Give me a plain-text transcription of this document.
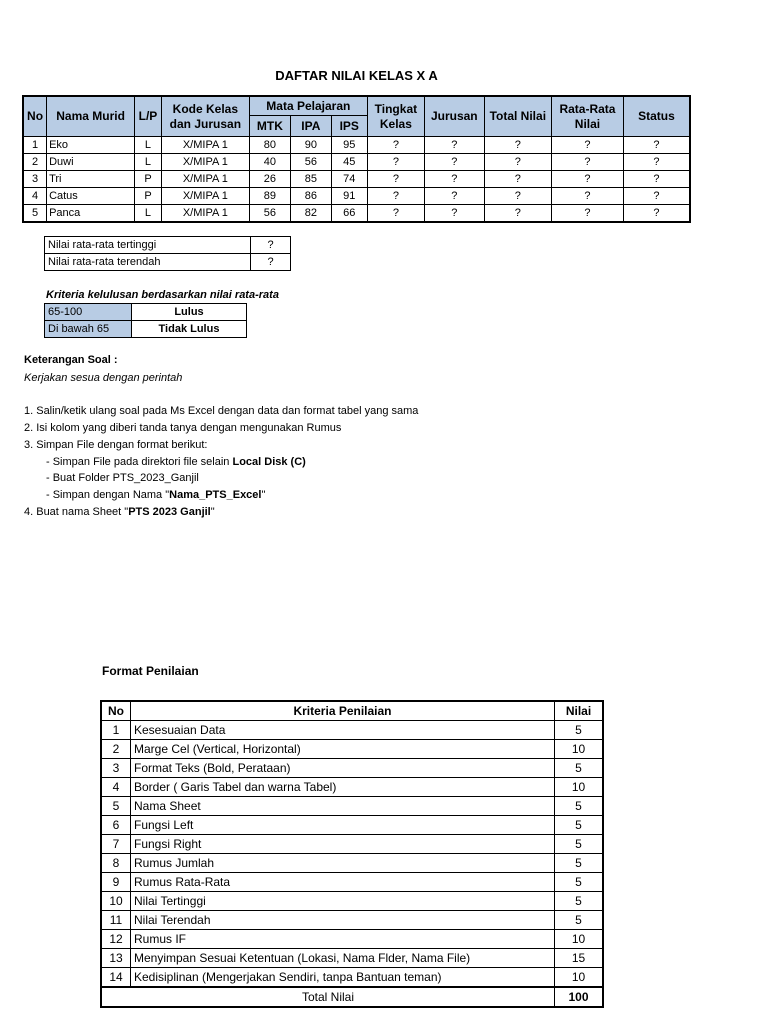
DAFTAR NILAI KELAS X A
No	Nama Murid	L/P	Kode Kelas dan Jurusan	Mata Pelajaran			Tingkat Kelas	Jurusan	Total Nilai	Rata-Rata Nilai	Status
				MTK	IPA	IPS					
1	Eko	L	X/MIPA 1	80	90	95	?	?	?	?	?
2	Duwi	L	X/MIPA 1	40	56	45	?	?	?	?	?
3	Tri	P	X/MIPA 1	26	85	74	?	?	?	?	?
4	Catus	P	X/MIPA 1	89	86	91	?	?	?	?	?
5	Panca	L	X/MIPA 1	56	82	66	?	?	?	?	?
Nilai rata-rata tertinggi	?
Nilai rata-rata terendah	?
Kriteria kelulusan berdasarkan nilai rata-rata
65-100	Lulus
Di bawah 65	Tidak Lulus
Keterangan Soal :
Kerjakan sesua dengan perintah
1. Salin/ketik ulang soal pada Ms Excel dengan data dan format tabel yang sama
2. Isi kolom yang diberi tanda tanya dengan mengunakan Rumus
3. Simpan File dengan format berikut:
- Simpan File pada direktori file selain Local Disk (C)
- Buat Folder PTS_2023_Ganjil
- Simpan dengan Nama "Nama_PTS_Excel"
4. Buat nama Sheet "PTS 2023 Ganjil"
Format Penilaian
No	Kriteria Penilaian	Nilai
1	Kesesuaian Data	5
2	Marge Cel (Vertical, Horizontal)	10
3	Format Teks (Bold, Perataan)	5
4	Border ( Garis Tabel dan warna Tabel)	10
5	Nama Sheet	5
6	Fungsi Left	5
7	Fungsi Right	5
8	Rumus Jumlah	5
9	Rumus Rata-Rata	5
10	Nilai Tertinggi	5
11	Nilai Terendah	5
12	Rumus IF	10
13	Menyimpan Sesuai Ketentuan (Lokasi, Nama Flder, Nama File)	15
14	Kedisiplinan (Mengerjakan Sendiri, tanpa Bantuan teman)	10
Total Nilai		100
